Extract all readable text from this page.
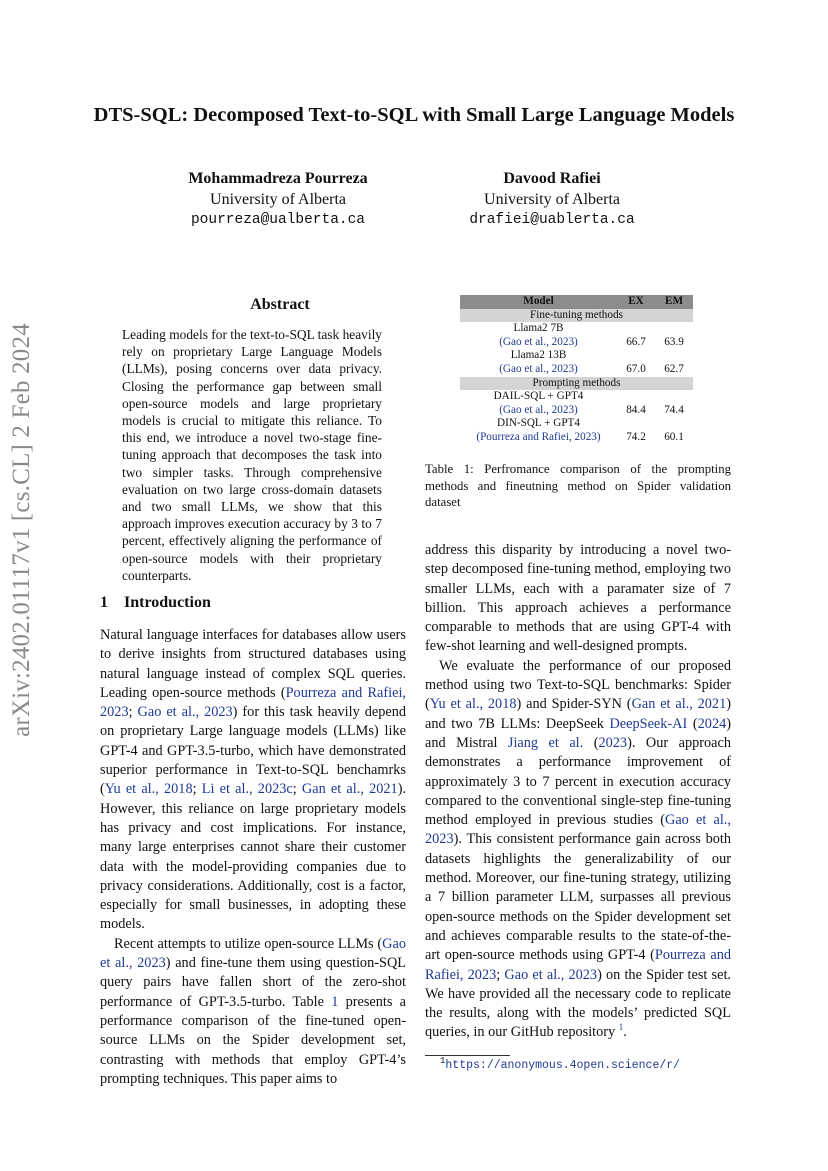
arXiv:2402.01117v1 [cs.CL] 2 Feb 2024
DTS-SQL: Decomposed Text-to-SQL with Small Large Language Models
Mohammadreza Pourreza
University of Alberta
pourreza@ualberta.ca
Davood Rafiei
University of Alberta
drafiei@uablerta.ca
Abstract

Leading models for the text-to-SQL task heavily rely on proprietary Large Language Models (LLMs), posing concerns over data privacy. Closing the performance gap between small open-source models and large proprietary models is crucial to mitigate this reliance. To this end, we introduce a novel two-stage fine-tuning approach that decomposes the task into two simpler tasks. Through comprehensive evaluation on two large cross-domain datasets and two small LLMs, we show that this approach improves execution accuracy by 3 to 7 percent, effectively aligning the performance of open-source models with their proprietary counterparts.

1 Introduction

Natural language interfaces for databases allow users to derive insights from structured databases using natural language instead of complex SQL queries. Leading open-source methods (Pourreza and Rafiei, 2023; Gao et al., 2023) for this task heavily depend on proprietary Large language models (LLMs) like GPT-4 and GPT-3.5-turbo, which have demonstrated superior performance in Text-to-SQL benchamrks (Yu et al., 2018; Li et al., 2023c; Gan et al., 2021). However, this reliance on large proprietary models has privacy and cost implications. For instance, many large enterprises cannot share their customer data with the model-providing companies due to privacy considerations. Additionally, cost is a factor, especially for small businesses, in adopting these models.

Recent attempts to utilize open-source LLMs (Gao et al., 2023) and fine-tune them using question-SQL query pairs have fallen short of the zero-shot performance of GPT-3.5-turbo. Table 1 presents a performance comparison of the fine-tuned open-source LLMs on the Spider development set, contrasting with methods that employ GPT-4’s prompting techniques. This paper aims to

Model	EX	EM
Fine-tuning methods		
Llama2 7B
(Gao et al., 2023)	66.7	63.9
Llama2 13B
(Gao et al., 2023)	67.0	62.7
Prompting methods		
DAIL-SQL + GPT4
(Gao et al., 2023)	84.4	74.4
DIN-SQL + GPT4
(Pourreza and Rafiei, 2023)	74.2	60.1

Table 1: Perfromance comparison of the prompting methods and fineutning method on Spider validation dataset

address this disparity by introducing a novel two-step decomposed fine-tuning method, employing two smaller LLMs, each with a paramater size of 7 billion. This approach achieves a performance comparable to methods that are using GPT-4 with few-shot learning and well-designed prompts.

We evaluate the performance of our proposed method using two Text-to-SQL benchmarks: Spider (Yu et al., 2018) and Spider-SYN (Gan et al., 2021) and two 7B LLMs: DeepSeek DeepSeek-AI (2024) and Mistral Jiang et al. (2023). Our approach demonstrates a performance improvement of approximately 3 to 7 percent in execution accuracy compared to the conventional single-step fine-tuning method employed in previous studies (Gao et al., 2023). This consistent performance gain across both datasets highlights the generalizability of our method. Moreover, our fine-tuning strategy, utilizing a 7 billion parameter LLM, surpasses all previous open-source methods on the Spider development set and achieves comparable results to the state-of-the-art open-source methods using GPT-4 (Pourreza and Rafiei, 2023; Gao et al., 2023) on the Spider test set. We have provided all the necessary code to replicate the results, along with the models’ predicted SQL queries, in our GitHub repository $^1$.

$^1$https://anonymous.4open.science/r/
